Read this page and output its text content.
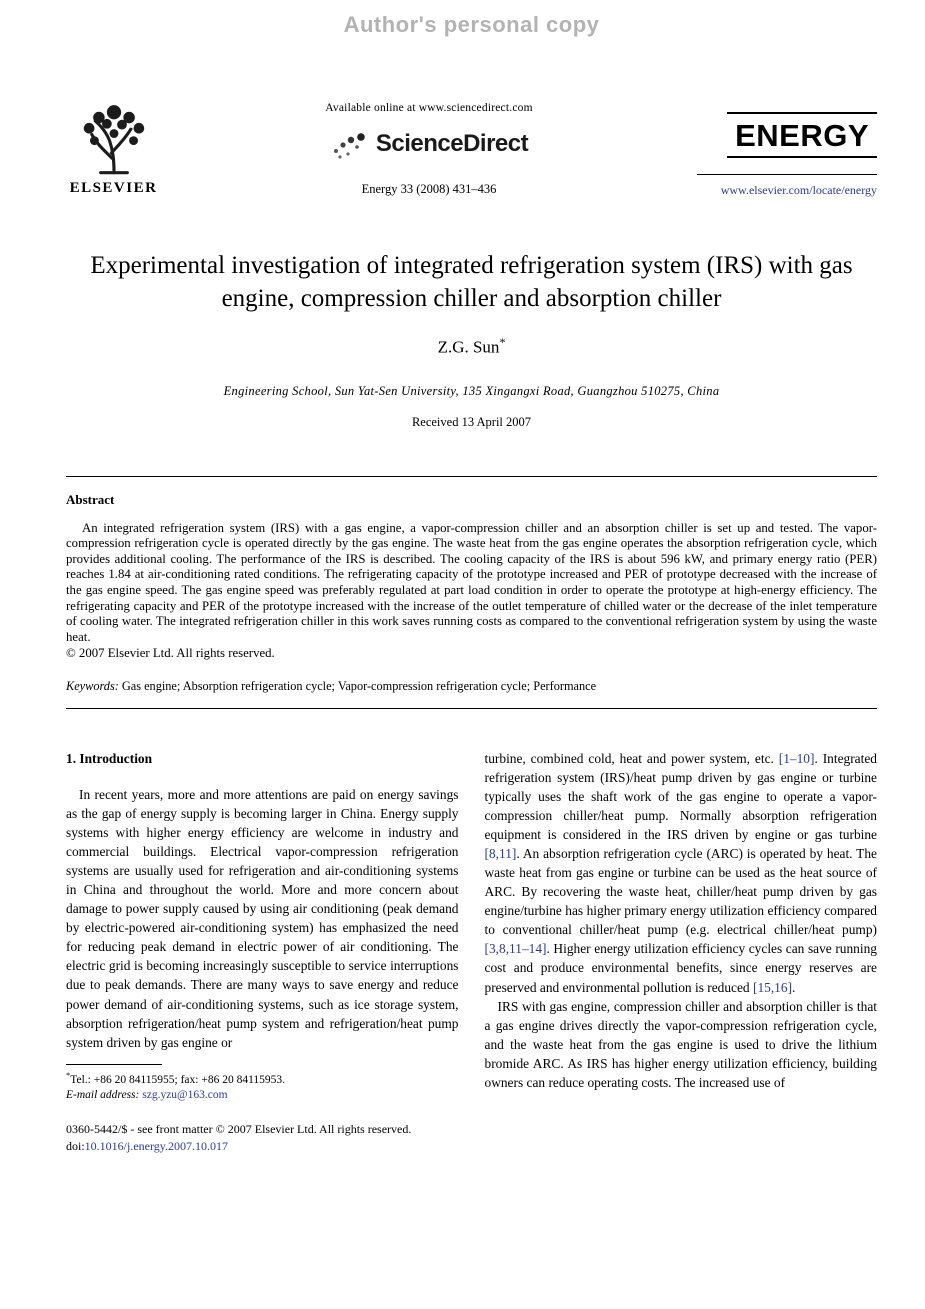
Author's personal copy
ELSEVIER
Available online at www.sciencedirect.com
ScienceDirect
Energy 33 (2008) 431–436
ENERGY
www.elsevier.com/locate/energy
Experimental investigation of integrated refrigeration system (IRS) with gas engine, compression chiller and absorption chiller
Z.G. Sun*
Engineering School, Sun Yat-Sen University, 135 Xingangxi Road, Guangzhou 510275, China
Received 13 April 2007
Abstract

An integrated refrigeration system (IRS) with a gas engine, a vapor-compression chiller and an absorption chiller is set up and tested. The vapor-compression refrigeration cycle is operated directly by the gas engine. The waste heat from the gas engine operates the absorption refrigeration cycle, which provides additional cooling. The performance of the IRS is described. The cooling capacity of the IRS is about 596 kW, and primary energy ratio (PER) reaches 1.84 at air-conditioning rated conditions. The refrigerating capacity of the prototype increased and PER of prototype decreased with the increase of the gas engine speed. The gas engine speed was preferably regulated at part load condition in order to operate the prototype at high-energy efficiency. The refrigerating capacity and PER of the prototype increased with the increase of the outlet temperature of chilled water or the decrease of the inlet temperature of cooling water. The integrated refrigeration chiller in this work saves running costs as compared to the conventional refrigeration system by using the waste heat.

© 2007 Elsevier Ltd. All rights reserved.

Keywords: Gas engine; Absorption refrigeration cycle; Vapor-compression refrigeration cycle; Performance
1. Introduction

In recent years, more and more attentions are paid on energy savings as the gap of energy supply is becoming larger in China. Energy supply systems with higher energy efficiency are welcome in industry and commercial buildings. Electrical vapor-compression refrigeration systems are usually used for refrigeration and air-conditioning systems in China and throughout the world. More and more concern about damage to power supply caused by using air conditioning (peak demand by electric-powered air-conditioning system) has emphasized the need for reducing peak demand in electric power of air conditioning. The electric grid is becoming increasingly susceptible to service interruptions due to peak demands. There are many ways to save energy and reduce power demand of air-conditioning systems, such as ice storage system, absorption refrigeration/heat pump system and refrigeration/heat pump system driven by gas engine or

*Tel.: +86 20 84115955; fax: +86 20 84115953.
E-mail address: szg.yzu@163.com
0360-5442/$ - see front matter © 2007 Elsevier Ltd. All rights reserved.
doi:10.1016/j.energy.2007.10.017

turbine, combined cold, heat and power system, etc. [1–10]. Integrated refrigeration system (IRS)/heat pump driven by gas engine or turbine typically uses the shaft work of the gas engine to operate a vapor-compression chiller/heat pump. Normally absorption refrigeration equipment is considered in the IRS driven by engine or gas turbine [8,11]. An absorption refrigeration cycle (ARC) is operated by heat. The waste heat from gas engine or turbine can be used as the heat source of ARC. By recovering the waste heat, chiller/heat pump driven by gas engine/turbine has higher primary energy utilization efficiency compared to conventional chiller/heat pump (e.g. electrical chiller/heat pump) [3,8,11–14]. Higher energy utilization efficiency cycles can save running cost and produce environmental benefits, since energy reserves are preserved and environmental pollution is reduced [15,16].

IRS with gas engine, compression chiller and absorption chiller is that a gas engine drives directly the vapor-compression refrigeration cycle, and the waste heat from the gas engine is used to drive the lithium bromide ARC. As IRS has higher energy utilization efficiency, building owners can reduce operating costs. The increased use of
